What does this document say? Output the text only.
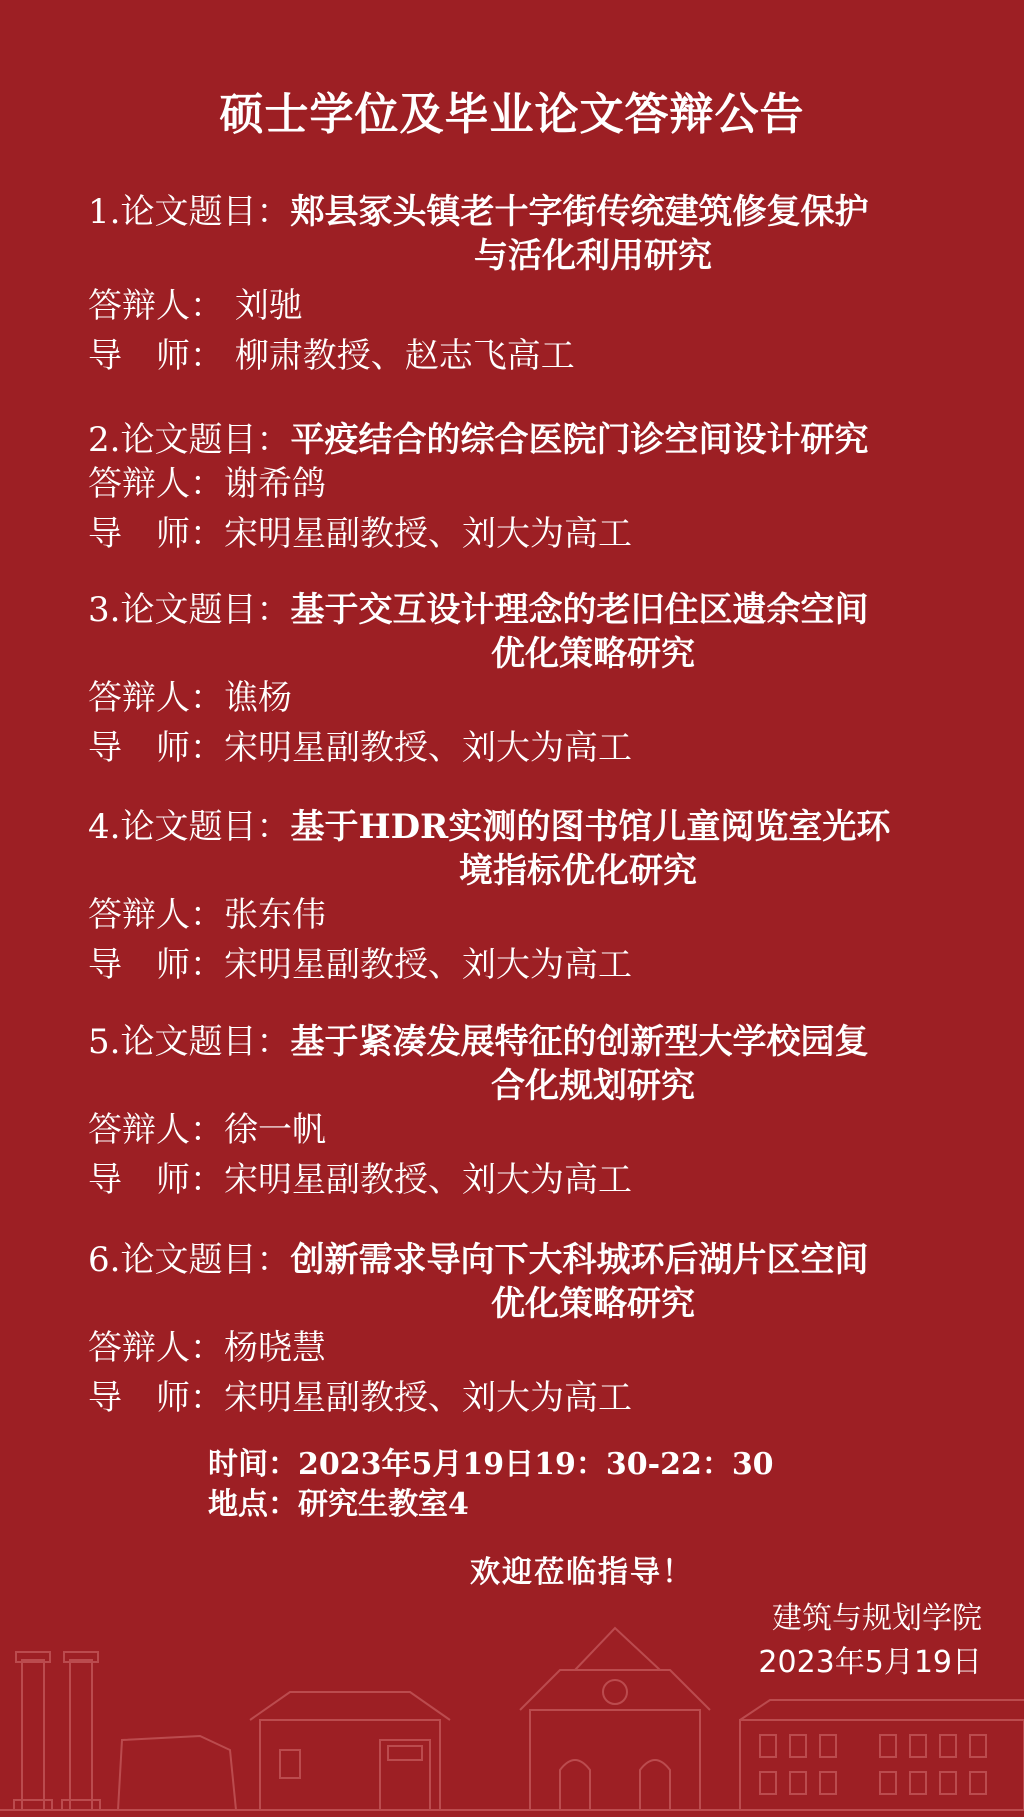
硕士学位及毕业论文答辩公告
1.论文题目：郏县冢头镇老十字街传统建筑修复保护
与活化利用研究
答辩人： 刘驰
导　师： 柳肃教授、赵志飞高工
2.论文题目：平疫结合的综合医院门诊空间设计研究
答辩人：谢希鸽
导　师：宋明星副教授、刘大为高工
3.论文题目：基于交互设计理念的老旧住区遗余空间
优化策略研究
答辩人：谯杨
导　师：宋明星副教授、刘大为高工
4.论文题目：基于HDR实测的图书馆儿童阅览室光环
境指标优化研究
答辩人：张东伟
导　师：宋明星副教授、刘大为高工
5.论文题目：基于紧凑发展特征的创新型大学校园复
合化规划研究
答辩人：徐一帆
导　师：宋明星副教授、刘大为高工
6.论文题目：创新需求导向下大科城环后湖片区空间
优化策略研究
答辩人：杨晓慧
导　师：宋明星副教授、刘大为高工
时间：2023年5月19日19：30-22：30
地点：研究生教室4
欢迎莅临指导！
建筑与规划学院
2023年5月19日
